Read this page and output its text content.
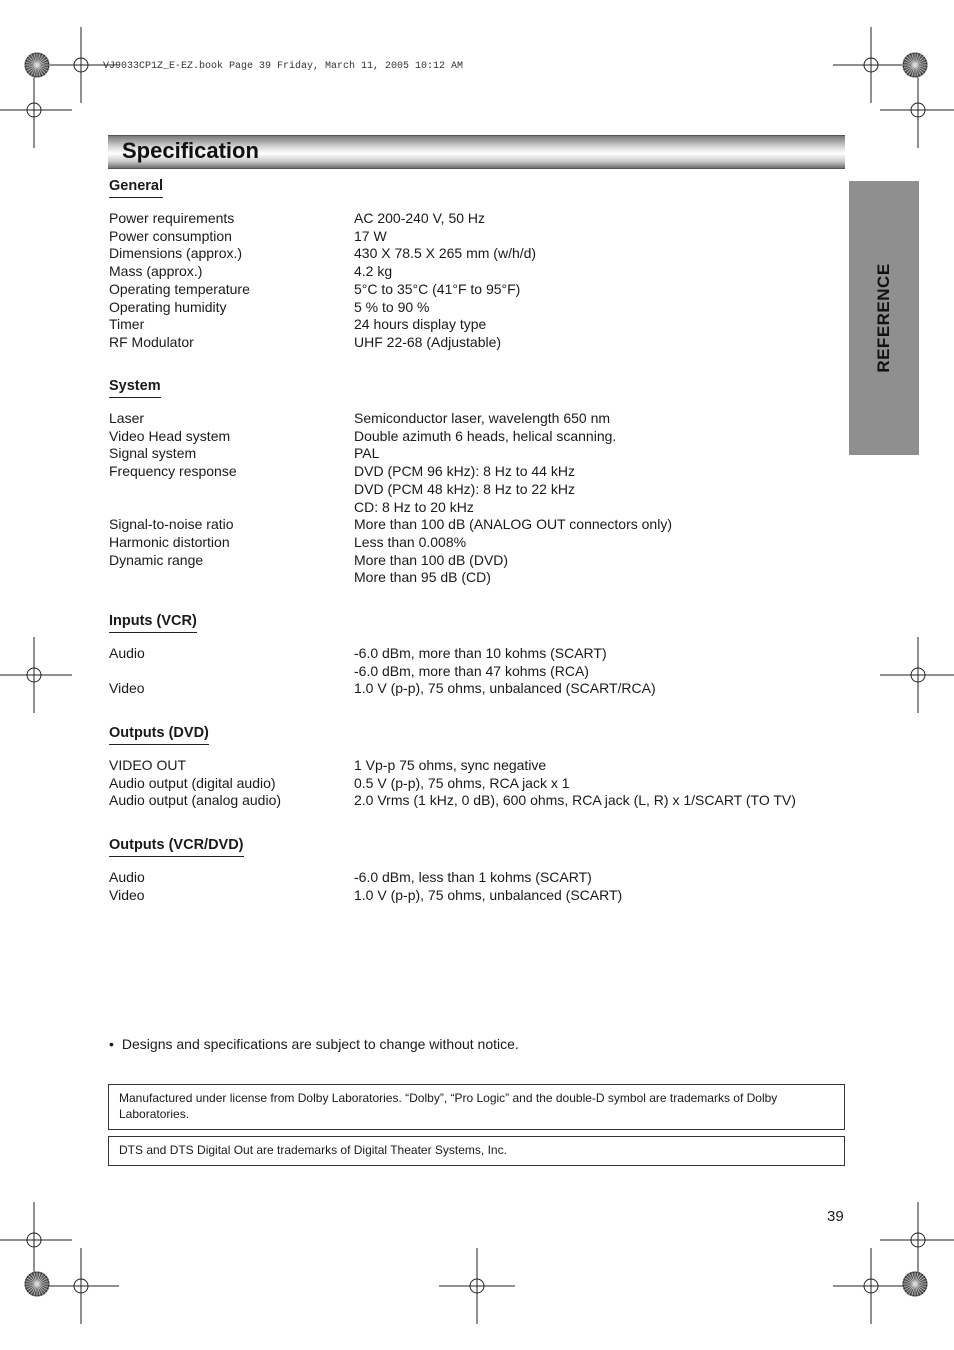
VJ9033CP1Z_E-EZ.book Page 39 Friday, March 11, 2005 10:12 AM
Specification
REFERENCE
General
Power requirements	AC 200-240 V, 50 Hz
Power consumption	17 W
Dimensions (approx.)	430 X 78.5 X 265 mm (w/h/d)
Mass (approx.)	4.2 kg
Operating temperature	5°C to 35°C (41°F to 95°F)
Operating humidity	5 % to 90 %
Timer	24 hours display type
RF Modulator	UHF 22-68 (Adjustable)
System
Laser	Semiconductor laser, wavelength 650 nm
Video Head system	Double azimuth 6 heads, helical scanning.
Signal system	PAL
Frequency response	DVD (PCM 96 kHz): 8 Hz to 44 kHz
DVD (PCM 48 kHz): 8 Hz to 22 kHz
CD: 8 Hz to 20 kHz
Signal-to-noise ratio	More than 100 dB (ANALOG OUT connectors only)
Harmonic distortion	Less than 0.008%
Dynamic range	More than 100 dB (DVD)
More than 95 dB (CD)
Inputs (VCR)
Audio	-6.0 dBm, more than 10 kohms (SCART)
-6.0 dBm, more than 47 kohms (RCA)
Video	1.0 V (p-p), 75 ohms, unbalanced (SCART/RCA)
Outputs (DVD)
VIDEO OUT	1 Vp-p 75 ohms, sync negative
Audio output (digital audio)	0.5 V (p-p), 75 ohms, RCA jack x 1
Audio output (analog audio)	2.0 Vrms (1 kHz, 0 dB), 600 ohms, RCA jack (L, R) x 1/SCART (TO TV)
Outputs (VCR/DVD)
Audio	-6.0 dBm, less than 1 kohms (SCART)
Video	1.0 V (p-p), 75 ohms, unbalanced (SCART)
• Designs and specifications are subject to change without notice.
Manufactured under license from Dolby Laboratories. “Dolby”, “Pro Logic” and the double-D symbol are trademarks of Dolby Laboratories.
DTS and DTS Digital Out are trademarks of Digital Theater Systems, Inc.
39
